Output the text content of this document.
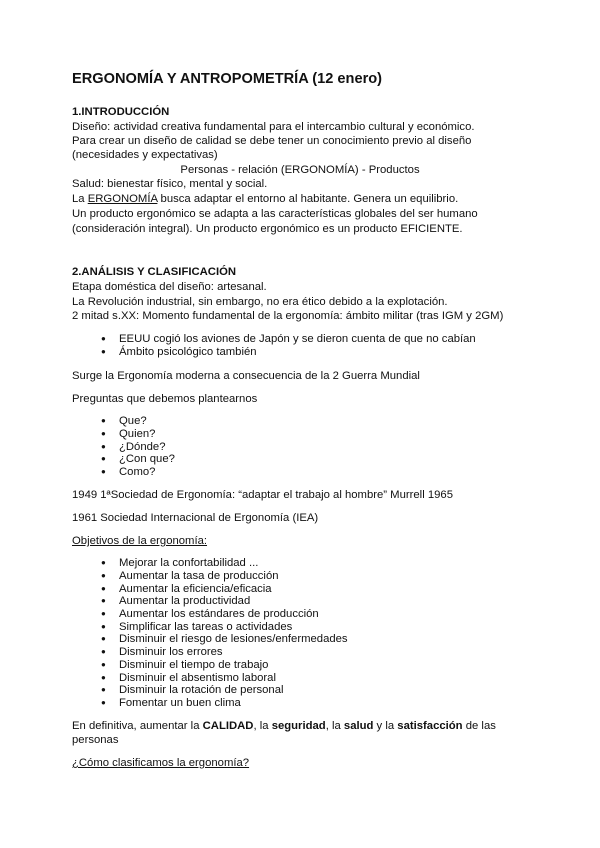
ERGONOMÍA Y ANTROPOMETRÍA (12 enero)
1.INTRODUCCIÓN
Diseño: actividad creativa fundamental para el intercambio cultural y económico.
Para crear un diseño de calidad se debe tener un conocimiento previo al diseño
(necesidades y expectativas)
Personas - relación (ERGONOMÍA) - Productos
Salud: bienestar físico, mental y social.
La ERGONOMÍA busca adaptar el entorno al habitante. Genera un equilibrio.
Un producto ergonómico se adapta a las características globales del ser humano
(consideración integral). Un producto ergonómico es un producto EFICIENTE.
2.ANÁLISIS Y CLASIFICACIÓN
Etapa doméstica del diseño: artesanal.
La Revolución industrial, sin embargo, no era ético debido a la explotación.
2 mitad s.XX: Momento fundamental de la ergonomía: ámbito militar (tras IGM y 2GM)
EEUU cogió los aviones de Japón y se dieron cuenta de que no cabían
Ámbito psicológico también
Surge la Ergonomía moderna a consecuencia de la 2 Guerra Mundial
Preguntas que debemos plantearnos
Que?
Quien?
¿Dónde?
¿Con que?
Como?
1949 1ªSociedad de Ergonomía: “adaptar el trabajo al hombre” Murrell 1965
1961 Sociedad Internacional de Ergonomía (IEA)
Objetivos de la ergonomía:
Mejorar la confortabilidad ...
Aumentar la tasa de producción
Aumentar la eficiencia/eficacia
Aumentar la productividad
Aumentar los estándares de producción
Simplificar las tareas o actividades
Disminuir el riesgo de lesiones/enfermedades
Disminuir los errores
Disminuir el tiempo de trabajo
Disminuir el absentismo laboral
Disminuir la rotación de personal
Fomentar un buen clima
En definitiva, aumentar la CALIDAD, la seguridad, la salud y la satisfacción de las
personas
¿Cómo clasificamos la ergonomía?
